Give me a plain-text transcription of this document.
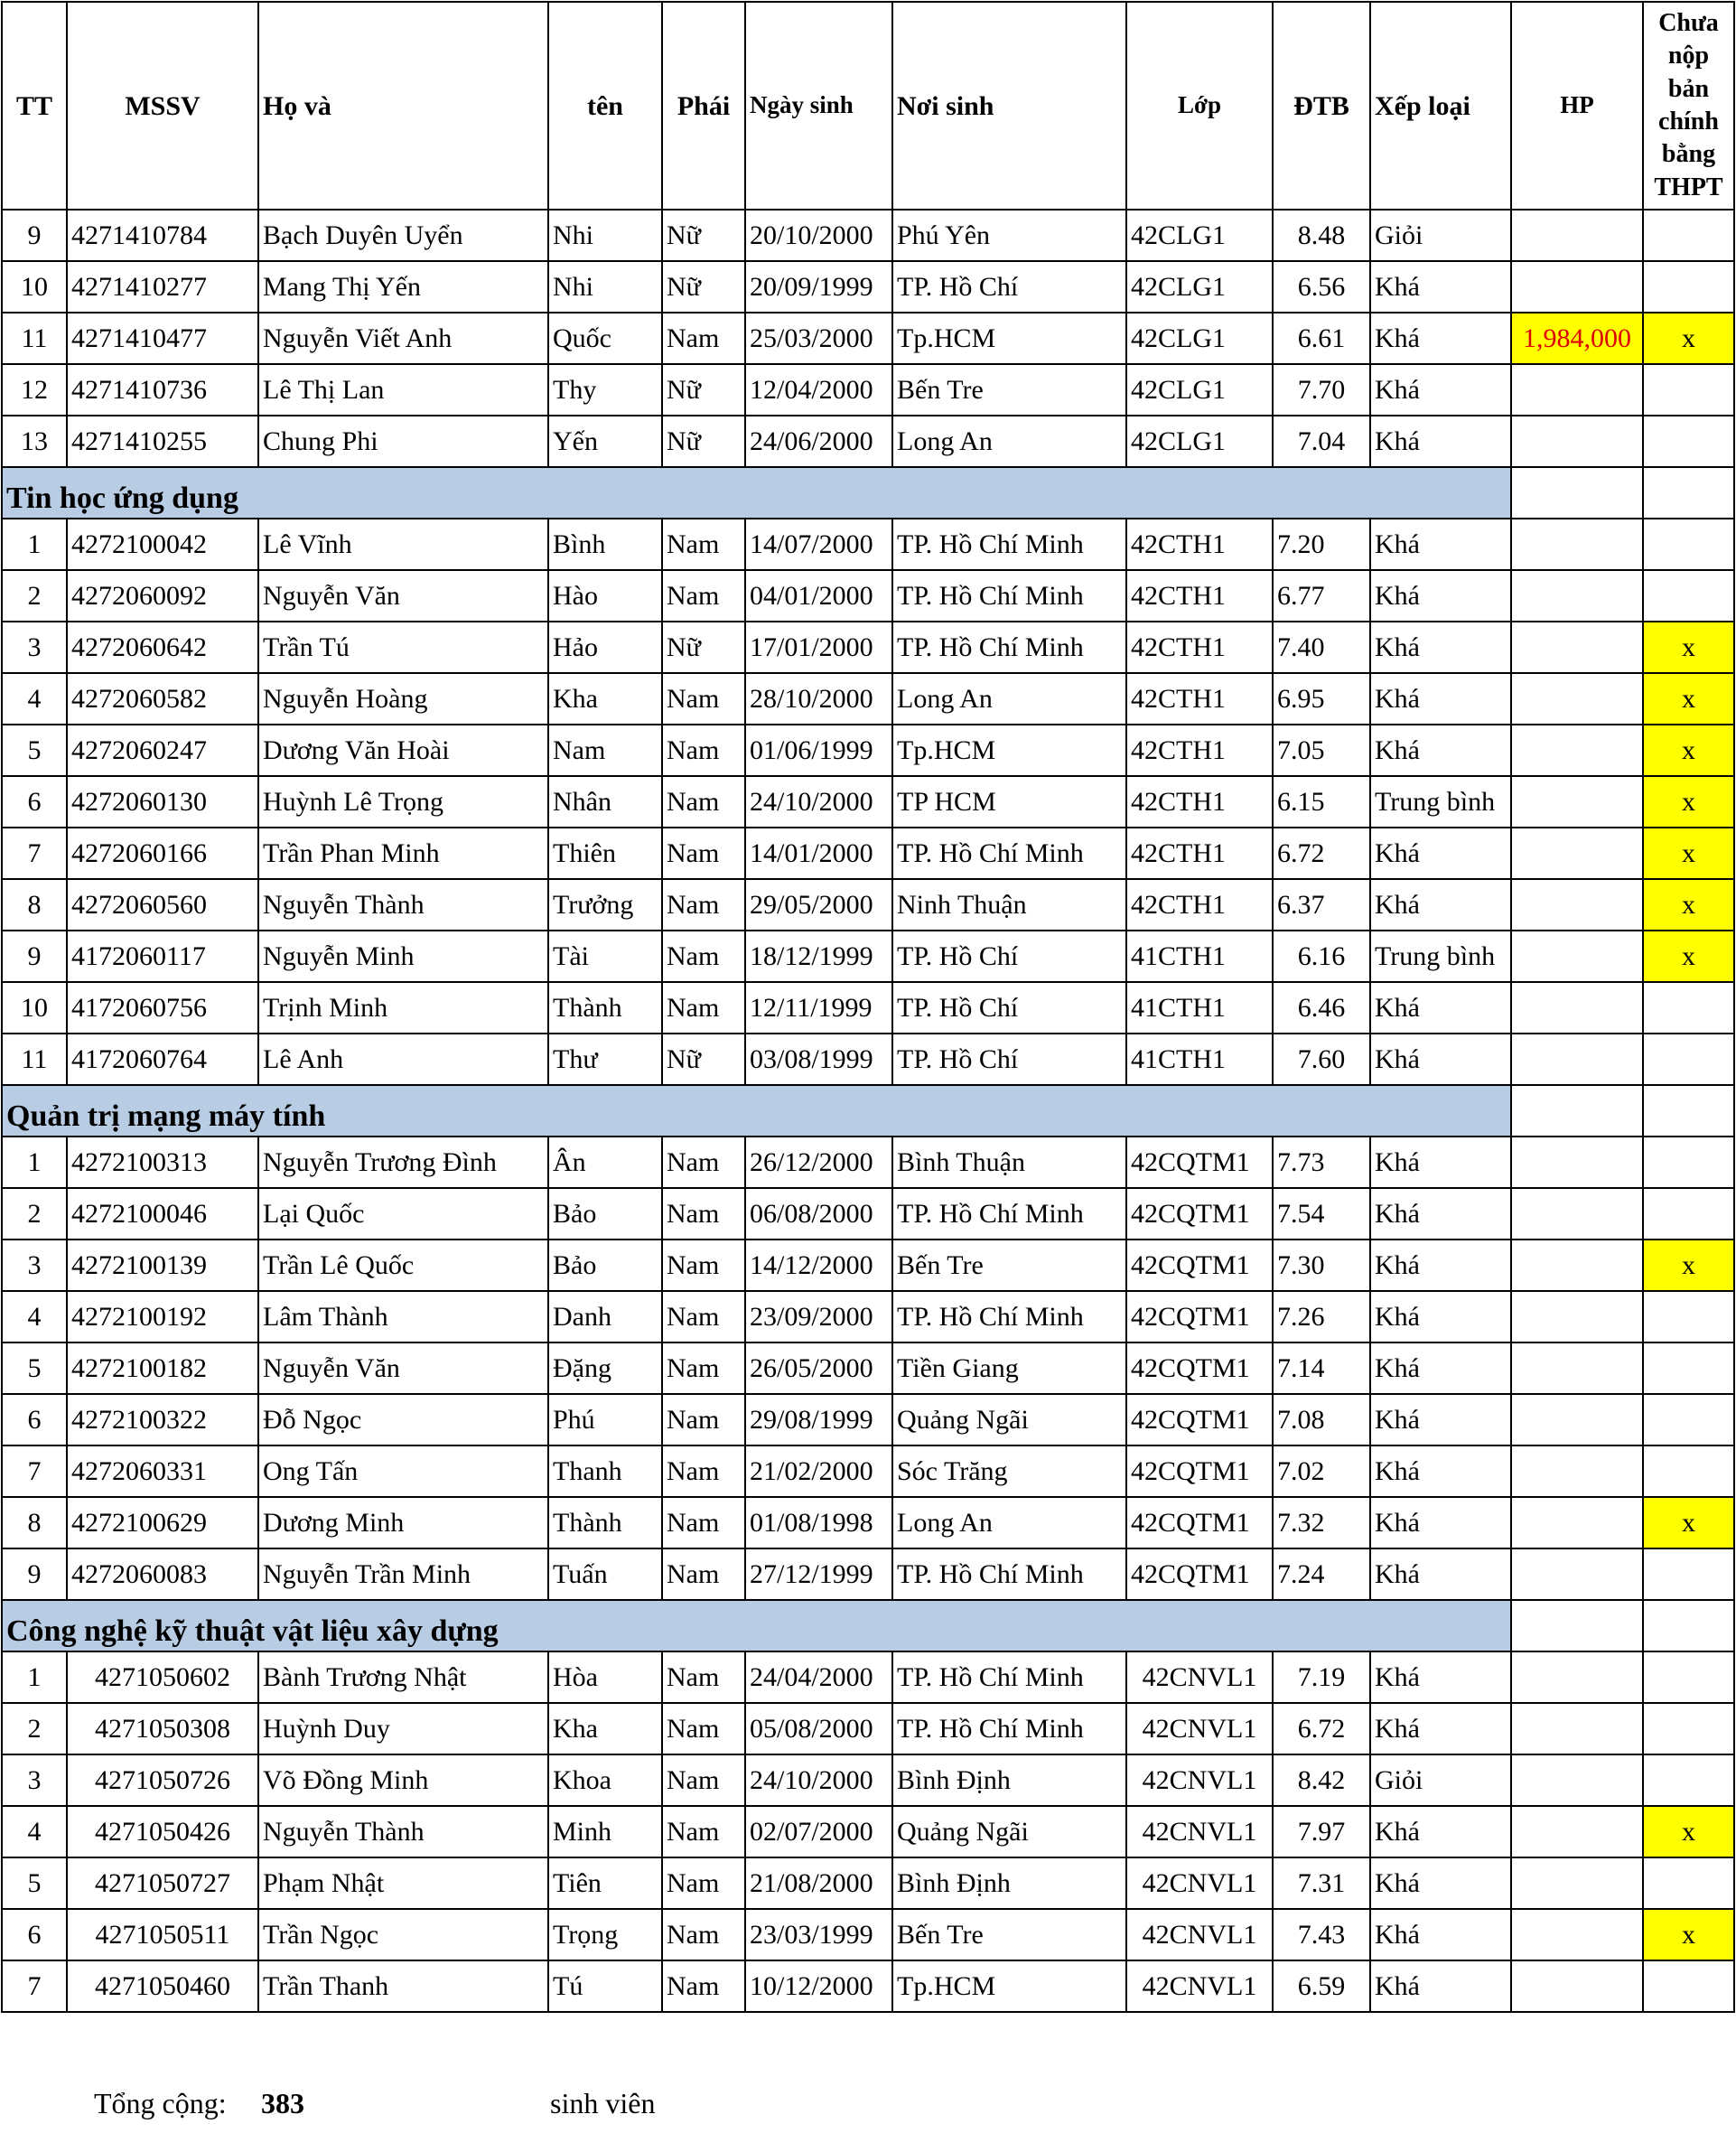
TT	MSSV	Họ và	tên	Phái	Ngày sinh	Nơi sinh	Lớp	ĐTB	Xếp loại	HP	Chưa nộp bản chính bằng THPT
9	4271410784	Bạch Duyên Uyển	Nhi	Nữ	20/10/2000	Phú Yên	42CLG1	8.48	Giỏi		
10	4271410277	Mang Thị Yến	Nhi	Nữ	20/09/1999	TP. Hồ Chí	42CLG1	6.56	Khá		
11	4271410477	Nguyễn Viết Anh	Quốc	Nam	25/03/2000	Tp.HCM	42CLG1	6.61	Khá	1,984,000	x
12	4271410736	Lê Thị Lan	Thy	Nữ	12/04/2000	Bến Tre	42CLG1	7.70	Khá		
13	4271410255	Chung Phi	Yến	Nữ	24/06/2000	Long An	42CLG1	7.04	Khá		
Tin học ứng dụng											
1	4272100042	Lê Vĩnh	Bình	Nam	14/07/2000	TP. Hồ Chí Minh	42CTH1	7.20	Khá		
2	4272060092	Nguyễn Văn	Hào	Nam	04/01/2000	TP. Hồ Chí Minh	42CTH1	6.77	Khá		
3	4272060642	Trần Tú	Hảo	Nữ	17/01/2000	TP. Hồ Chí Minh	42CTH1	7.40	Khá		x
4	4272060582	Nguyễn Hoàng	Kha	Nam	28/10/2000	Long An	42CTH1	6.95	Khá		x
5	4272060247	Dương Văn Hoài	Nam	Nam	01/06/1999	Tp.HCM	42CTH1	7.05	Khá		x
6	4272060130	Huỳnh Lê Trọng	Nhân	Nam	24/10/2000	TP HCM	42CTH1	6.15	Trung bình		x
7	4272060166	Trần Phan Minh	Thiên	Nam	14/01/2000	TP. Hồ Chí Minh	42CTH1	6.72	Khá		x
8	4272060560	Nguyễn Thành	Trưởng	Nam	29/05/2000	Ninh Thuận	42CTH1	6.37	Khá		x
9	4172060117	Nguyễn Minh	Tài	Nam	18/12/1999	TP. Hồ Chí	41CTH1	6.16	Trung bình		x
10	4172060756	Trịnh Minh	Thành	Nam	12/11/1999	TP. Hồ Chí	41CTH1	6.46	Khá		
11	4172060764	Lê Anh	Thư	Nữ	03/08/1999	TP. Hồ Chí	41CTH1	7.60	Khá		
Quản trị mạng máy tính											
1	4272100313	Nguyễn Trương Đình	Ân	Nam	26/12/2000	Bình Thuận	42CQTM1	7.73	Khá		
2	4272100046	Lại Quốc	Bảo	Nam	06/08/2000	TP. Hồ Chí Minh	42CQTM1	7.54	Khá		
3	4272100139	Trần Lê Quốc	Bảo	Nam	14/12/2000	Bến Tre	42CQTM1	7.30	Khá		x
4	4272100192	Lâm Thành	Danh	Nam	23/09/2000	TP. Hồ Chí Minh	42CQTM1	7.26	Khá		
5	4272100182	Nguyễn Văn	Đặng	Nam	26/05/2000	Tiền Giang	42CQTM1	7.14	Khá		
6	4272100322	Đỗ Ngọc	Phú	Nam	29/08/1999	Quảng Ngãi	42CQTM1	7.08	Khá		
7	4272060331	Ong Tấn	Thanh	Nam	21/02/2000	Sóc Trăng	42CQTM1	7.02	Khá		
8	4272100629	Dương Minh	Thành	Nam	01/08/1998	Long An	42CQTM1	7.32	Khá		x
9	4272060083	Nguyễn Trần Minh	Tuấn	Nam	27/12/1999	TP. Hồ Chí Minh	42CQTM1	7.24	Khá		
Công nghệ kỹ thuật vật liệu xây dựng											
1	4271050602	Bành Trương Nhật	Hòa	Nam	24/04/2000	TP. Hồ Chí Minh	42CNVL1	7.19	Khá		
2	4271050308	Huỳnh Duy	Kha	Nam	05/08/2000	TP. Hồ Chí Minh	42CNVL1	6.72	Khá		
3	4271050726	Võ Đồng Minh	Khoa	Nam	24/10/2000	Bình Định	42CNVL1	8.42	Giỏi		
4	4271050426	Nguyễn Thành	Minh	Nam	02/07/2000	Quảng Ngãi	42CNVL1	7.97	Khá		x
5	4271050727	Phạm Nhật	Tiên	Nam	21/08/2000	Bình Định	42CNVL1	7.31	Khá		
6	4271050511	Trần Ngọc	Trọng	Nam	23/03/1999	Bến Tre	42CNVL1	7.43	Khá		x
7	4271050460	Trần Thanh	Tú	Nam	10/12/2000	Tp.HCM	42CNVL1	6.59	Khá		
Tổng cộng: 383	sinh viên
